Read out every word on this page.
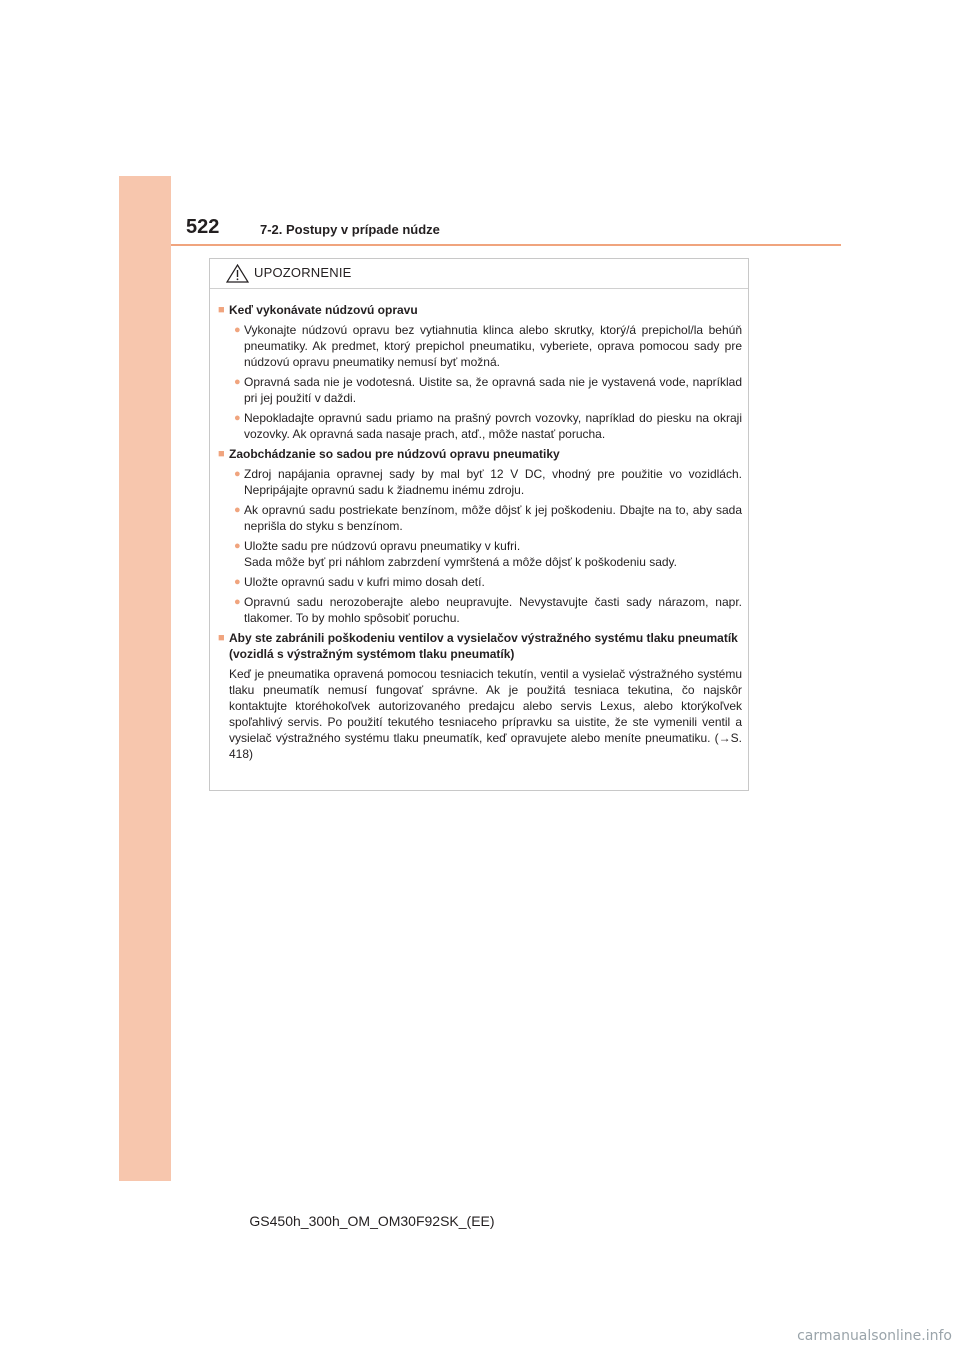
522	7-2. Postupy v prípade núdze
UPOZORNENIE
■ Keď vykonávate núdzovú opravu
● Vykonajte núdzovú opravu bez vytiahnutia klinca alebo skrutky, ktorý/á prepichol/la behúň pneumatiky. Ak predmet, ktorý prepichol pneumatiku, vyberiete, oprava pomocou sady pre núdzovú opravu pneumatiky nemusí byť možná.
● Opravná sada nie je vodotesná. Uistite sa, že opravná sada nie je vystavená vode, napríklad pri jej použití v daždi.
● Nepokladajte opravnú sadu priamo na prašný povrch vozovky, napríklad do piesku na okraji vozovky. Ak opravná sada nasaje prach, atď., môže nastať porucha.
■ Zaobchádzanie so sadou pre núdzovú opravu pneumatiky
● Zdroj napájania opravnej sady by mal byť 12 V DC, vhodný pre použitie vo vozidlách. Nepripájajte opravnú sadu k žiadnemu inému zdroju.
● Ak opravnú sadu postriekate benzínom, môže dôjsť k jej poškodeniu. Dbajte na to, aby sada neprišla do styku s benzínom.
● Uložte sadu pre núdzovú opravu pneumatiky v kufri.
Sada môže byť pri náhlom zabrzdení vymrštená a môže dôjsť k poškodeniu sady.
● Uložte opravnú sadu v kufri mimo dosah detí.
● Opravnú sadu nerozoberajte alebo neupravujte. Nevystavujte časti sady nárazom, napr. tlakomer. To by mohlo spôsobiť poruchu.
■ Aby ste zabránili poškodeniu ventilov a vysielačov výstražného systému tlaku pneumatík (vozidlá s výstražným systémom tlaku pneumatík)
Keď je pneumatika opravená pomocou tesniacich tekutín, ventil a vysielač výstražného systému tlaku pneumatík nemusí fungovať správne. Ak je použitá tesniaca tekutina, čo najskôr kontaktujte ktoréhokoľvek autorizovaného predajcu alebo servis Lexus, alebo ktorýkoľvek spoľahlivý servis. Po použití tekutého tesniaceho prípravku sa uistite, že ste vymenili ventil a vysielač výstražného systému tlaku pneumatík, keď opravujete alebo meníte pneumatiku. (→S. 418)
GS450h_300h_OM_OM30F92SK_(EE)
carmanualsonline.info
